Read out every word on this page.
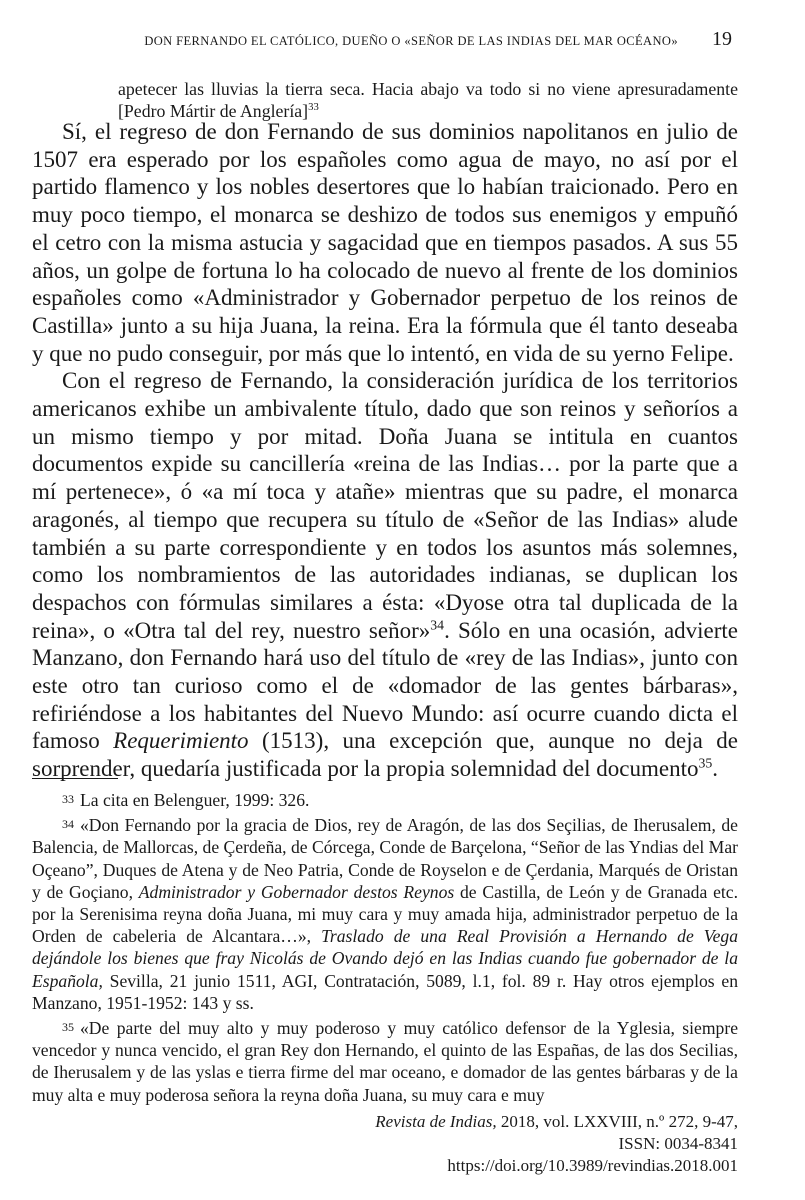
DON FERNANDO EL CATÓLICO, DUEÑO O «SEÑOR DE LAS INDIAS DEL MAR OCÉANO» 19
apetecer las lluvias la tierra seca. Hacia abajo va todo si no viene apresuradamente [Pedro Mártir de Anglería]$^{33}$

Sí, el regreso de don Fernando de sus dominios napolitanos en julio de 1507 era esperado por los españoles como agua de mayo, no así por el partido flamenco y los nobles desertores que lo habían traicionado. Pero en muy poco tiempo, el monarca se deshizo de todos sus enemigos y empuñó el cetro con la misma astucia y sagacidad que en tiempos pasados. A sus 55 años, un golpe de fortuna lo ha colocado de nuevo al frente de los dominios españoles como «Administrador y Gobernador perpetuo de los reinos de Castilla» junto a su hija Juana, la reina. Era la fórmula que él tanto deseaba y que no pudo conseguir, por más que lo intentó, en vida de su yerno Felipe.

Con el regreso de Fernando, la consideración jurídica de los territorios americanos exhibe un ambivalente título, dado que son reinos y señoríos a un mismo tiempo y por mitad. Doña Juana se intitula en cuantos documentos expide su cancillería «reina de las Indias… por la parte que a mí pertenece», ó «a mí toca y atañe» mientras que su padre, el monarca aragonés, al tiempo que recupera su título de «Señor de las Indias» alude también a su parte correspondiente y en todos los asuntos más solemnes, como los nombramientos de las autoridades indianas, se duplican los despachos con fórmulas similares a ésta: «Dyose otra tal duplicada de la reina», o «Otra tal del rey, nuestro señor»$^{34}$. Sólo en una ocasión, advierte Manzano, don Fernando hará uso del título de «rey de las Indias», junto con este otro tan curioso como el de «domador de las gentes bárbaras», refiriéndose a los habitantes del Nuevo Mundo: así ocurre cuando dicta el famoso Requerimiento (1513), una excepción que, aunque no deja de sorprender, quedaría justificada por la propia solemnidad del documento$^{35}$.

33 La cita en Belenguer, 1999: 326.

34 «Don Fernando por la gracia de Dios, rey de Aragón, de las dos Seçilias, de Iherusalem, de Balencia, de Mallorcas, de Çerdeña, de Córcega, Conde de Barçelona, “Señor de las Yndias del Mar Oçeano”, Duques de Atena y de Neo Patria, Conde de Royselon e de Çerdania, Marqués de Oristan y de Goçiano, Administrador y Gobernador destos Reynos de Castilla, de León y de Granada etc. por la Serenisima reyna doña Juana, mi muy cara y muy amada hija, administrador perpetuo de la Orden de cabeleria de Alcantara…», Traslado de una Real Provisión a Hernando de Vega dejándole los bienes que fray Nicolás de Ovando dejó en las Indias cuando fue gobernador de la Española, Sevilla, 21 junio 1511, AGI, Contratación, 5089, l.1, fol. 89 r. Hay otros ejemplos en Manzano, 1951-1952: 143 y ss.

35 «De parte del muy alto y muy poderoso y muy católico defensor de la Yglesia, siempre vencedor y nunca vencido, el gran Rey don Hernando, el quinto de las Españas, de las dos Secilias, de Iherusalem y de las yslas e tierra firme del mar oceano, e domador de las gentes bárbaras y de la muy alta e muy poderosa señora la reyna doña Juana, su muy cara e muy

Revista de Indias, 2018, vol. LXXVIII, n.º 272, 9-47, ISSN: 0034-8341
https://doi.org/10.3989/revindias.2018.001
